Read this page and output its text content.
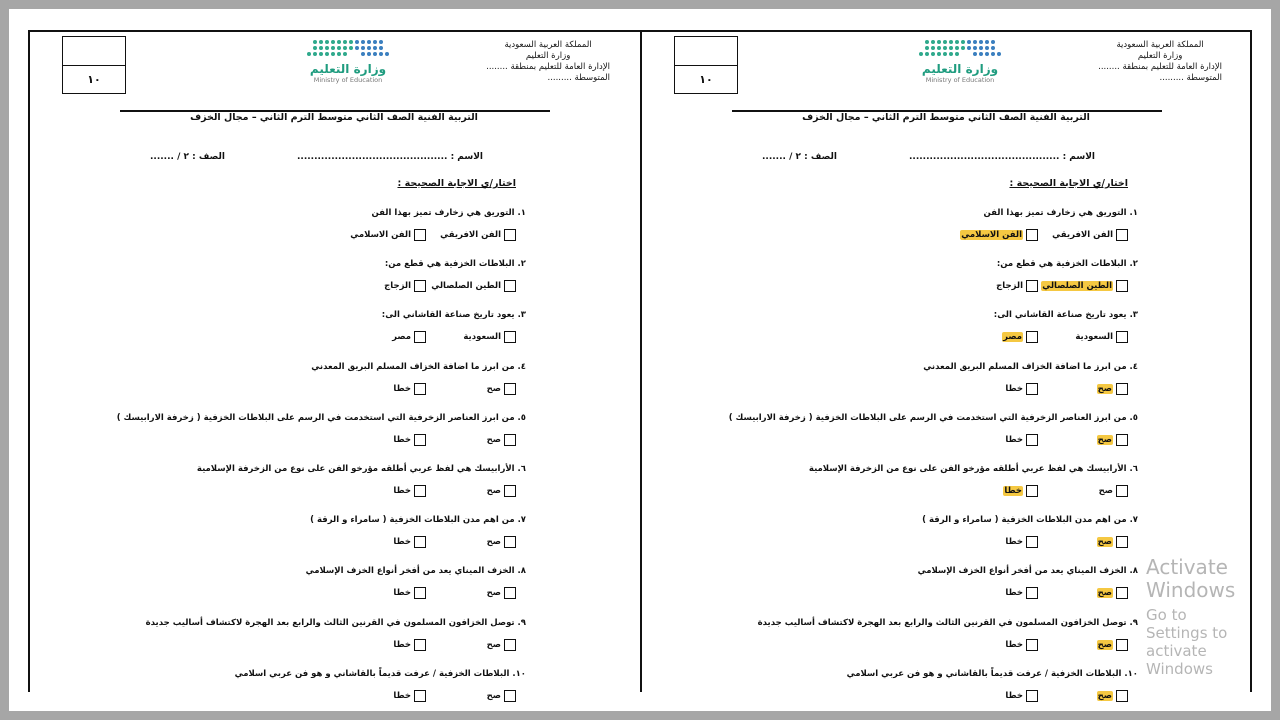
المملكة العربية السعودية
وزارة التعليم
الإدارة العامة للتعليم بمنطقة ........
المتوسطة .........
وزارة التعليم
Ministry of Education
١٠
التربية الفنية الصف الثاني متوسط الترم الثاني – مجال الخزف
الاسم : ............................................
الصف : ٢ / .......
اختار/ي الاجابة الصحيحة :
١. التوريق هي زخارف تميز بهذا الفن
الفن الافريقي
الفن الاسلامي
٢. البلاطات الخزفية هي قطع من:
الطين الصلصالي
الزجاج
٣. يعود تاريخ صناعة القاشاني الى:
السعودية
مصر
٤. من ابرز ما اضافة الخزاف المسلم البريق المعدني
صح
خطا
٥. من ابرز العناصر الزخرفية التي استخدمت في الرسم على البلاطات الخزفية ( زخرفة الارابيسك )
صح
خطا
٦. الأرابيسك هي لفظ عربي أطلقه مؤرخو الفن على نوع من الزخرفة الإسلامية
صح
خطا
٧. من اهم مدن البلاطات الخزفية ( سامراء و الرقة )
صح
خطا
٨. الخزف الميناي يعد من أفخر أنواع الخزف الإسلامي
صح
خطا
٩. توصل الخزافون المسلمون في القرنين الثالث والرابع بعد الهجرة لاكتشاف أساليب جديدة
صح
خطا
١٠. البلاطات الخزفية / عرفت قديماً بالقاشاني و هو فن عربي اسلامي
صح
خطا
المملكة العربية السعودية
وزارة التعليم
الإدارة العامة للتعليم بمنطقة ........
المتوسطة .........
وزارة التعليم
Ministry of Education
١٠
التربية الفنية الصف الثاني متوسط الترم الثاني – مجال الخزف
الاسم : ............................................
الصف : ٢ / .......
اختار/ي الاجابة الصحيحة :
١. التوريق هي زخارف تميز بهذا الفن
الفن الافريقي
الفن الاسلامي
٢. البلاطات الخزفية هي قطع من:
الطين الصلصالي
الزجاج
٣. يعود تاريخ صناعة القاشاني الى:
السعودية
مصر
٤. من ابرز ما اضافة الخزاف المسلم البريق المعدني
صح
خطا
٥. من ابرز العناصر الزخرفية التي استخدمت في الرسم على البلاطات الخزفية ( زخرفة الارابيسك )
صح
خطا
٦. الأرابيسك هي لفظ عربي أطلقه مؤرخو الفن على نوع من الزخرفة الإسلامية
صح
خطا
٧. من اهم مدن البلاطات الخزفية ( سامراء و الرقة )
صح
خطا
٨. الخزف الميناي يعد من أفخر أنواع الخزف الإسلامي
صح
خطا
٩. توصل الخزافون المسلمون في القرنين الثالث والرابع بعد الهجرة لاكتشاف أساليب جديدة
صح
خطا
١٠. البلاطات الخزفية / عرفت قديماً بالقاشاني و هو فن عربي اسلامي
صح
خطا
Activate Windows
Go to Settings to activate Windows
